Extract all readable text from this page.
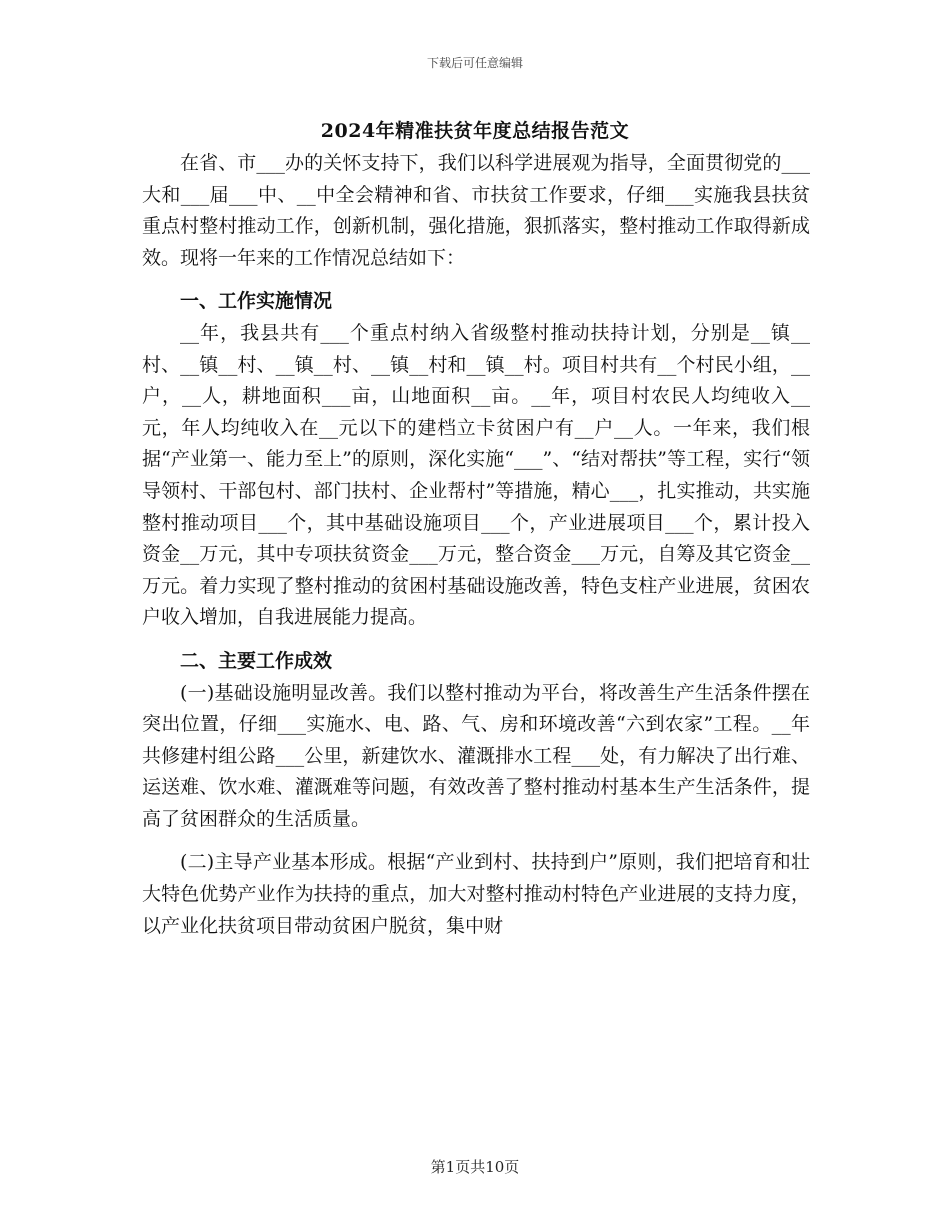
下载后可任意编辑
2024年精准扶贫年度总结报告范文

在省、市___办的关怀支持下，我们以科学进展观为指导，全面贯彻党的___大和___届___中、__中全会精神和省、市扶贫工作要求，仔细___实施我县扶贫重点村整村推动工作，创新机制，强化措施，狠抓落实，整村推动工作取得新成效。现将一年来的工作情况总结如下：

一、工作实施情况

__年，我县共有___个重点村纳入省级整村推动扶持计划，分别是__镇__村、__镇__村、__镇__村、__镇__村和__镇__村。项目村共有__个村民小组，__户，__人，耕地面积___亩，山地面积__亩。__年，项目村农民人均纯收入__元，年人均纯收入在__元以下的建档立卡贫困户有__户__人。一年来，我们根据“产业第一、能力至上”的原则，深化实施“___”、“结对帮扶”等工程，实行“领导领村、干部包村、部门扶村、企业帮村”等措施，精心___，扎实推动，共实施整村推动项目___个，其中基础设施项目___个，产业进展项目___个，累计投入资金__万元，其中专项扶贫资金___万元，整合资金___万元，自筹及其它资金__万元。着力实现了整村推动的贫困村基础设施改善，特色支柱产业进展，贫困农户收入增加，自我进展能力提高。

二、主要工作成效

(一)基础设施明显改善。我们以整村推动为平台，将改善生产生活条件摆在突出位置，仔细___实施水、电、路、气、房和环境改善“六到农家”工程。__年共修建村组公路___公里，新建饮水、灌溉排水工程___处，有力解决了出行难、运送难、饮水难、灌溉难等问题，有效改善了整村推动村基本生产生活条件，提高了贫困群众的生活质量。

(二)主导产业基本形成。根据“产业到村、扶持到户”原则，我们把培育和壮大特色优势产业作为扶持的重点，加大对整村推动村特色产业进展的支持力度，以产业化扶贫项目带动贫困户脱贫，集中财

第1页共10页
